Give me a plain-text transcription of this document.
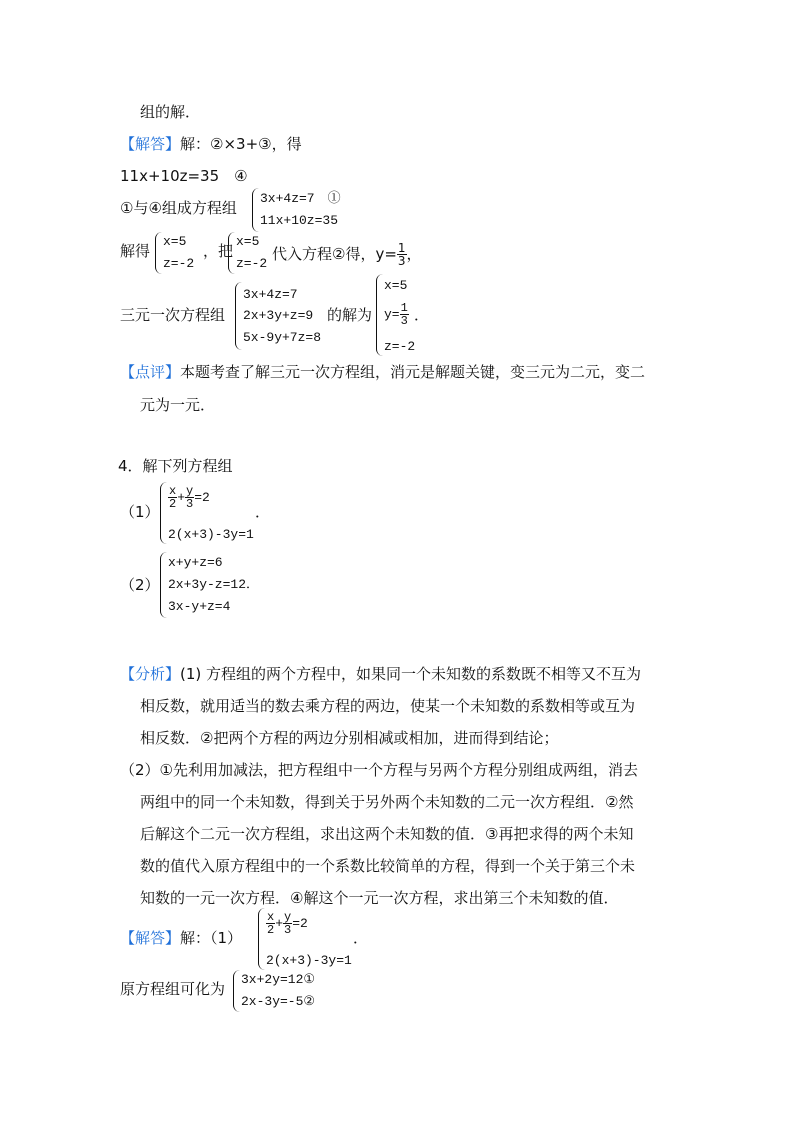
组的解．
【解答】解：②×3+③，得
11x+10z=35　④
①与④组成方程组
3x+4z=7　①
11x+10z=35
解得
x=5
z=-2
，把
x=5
z=-2
代入方程②得，$y= \frac{1}{3}$ ，
三元一次方程组
3x+4z=7
2x+3y+z=9
5x-9y+7z=8
的解为
x=5
$y= \frac{1}{3}$
z=-2
．
【点评】本题考查了解三元一次方程组，消元是解题关键，变三元为二元，变二
元为一元．
4．解下列方程组
（1）
$\frac{x}{2} + \frac{y}{3} =2$
2(x+3)-3y=1
．
（2）
x+y+z=6
2x+3y-z=12．
3x-y+z=4
【分析】(1) 方程组的两个方程中，如果同一个未知数的系数既不相等又不互为
相反数，就用适当的数去乘方程的两边，使某一个未知数的系数相等或互为
相反数．②把两个方程的两边分别相减或相加，进而得到结论；
（2）①先利用加减法，把方程组中一个方程与另两个方程分别组成两组，消去
两组中的同一个未知数，得到关于另外两个未知数的二元一次方程组．②然
后解这个二元一次方程组，求出这两个未知数的值．③再把求得的两个未知
数的值代入原方程组中的一个系数比较简单的方程，得到一个关于第三个未
知数的一元一次方程．④解这个一元一次方程，求出第三个未知数的值．
【解答】解：（1）
$\frac{x}{2} + \frac{y}{3} =2$
2(x+3)-3y=1
．
原方程组可化为
3x+2y=12①
2x-3y=-5②
